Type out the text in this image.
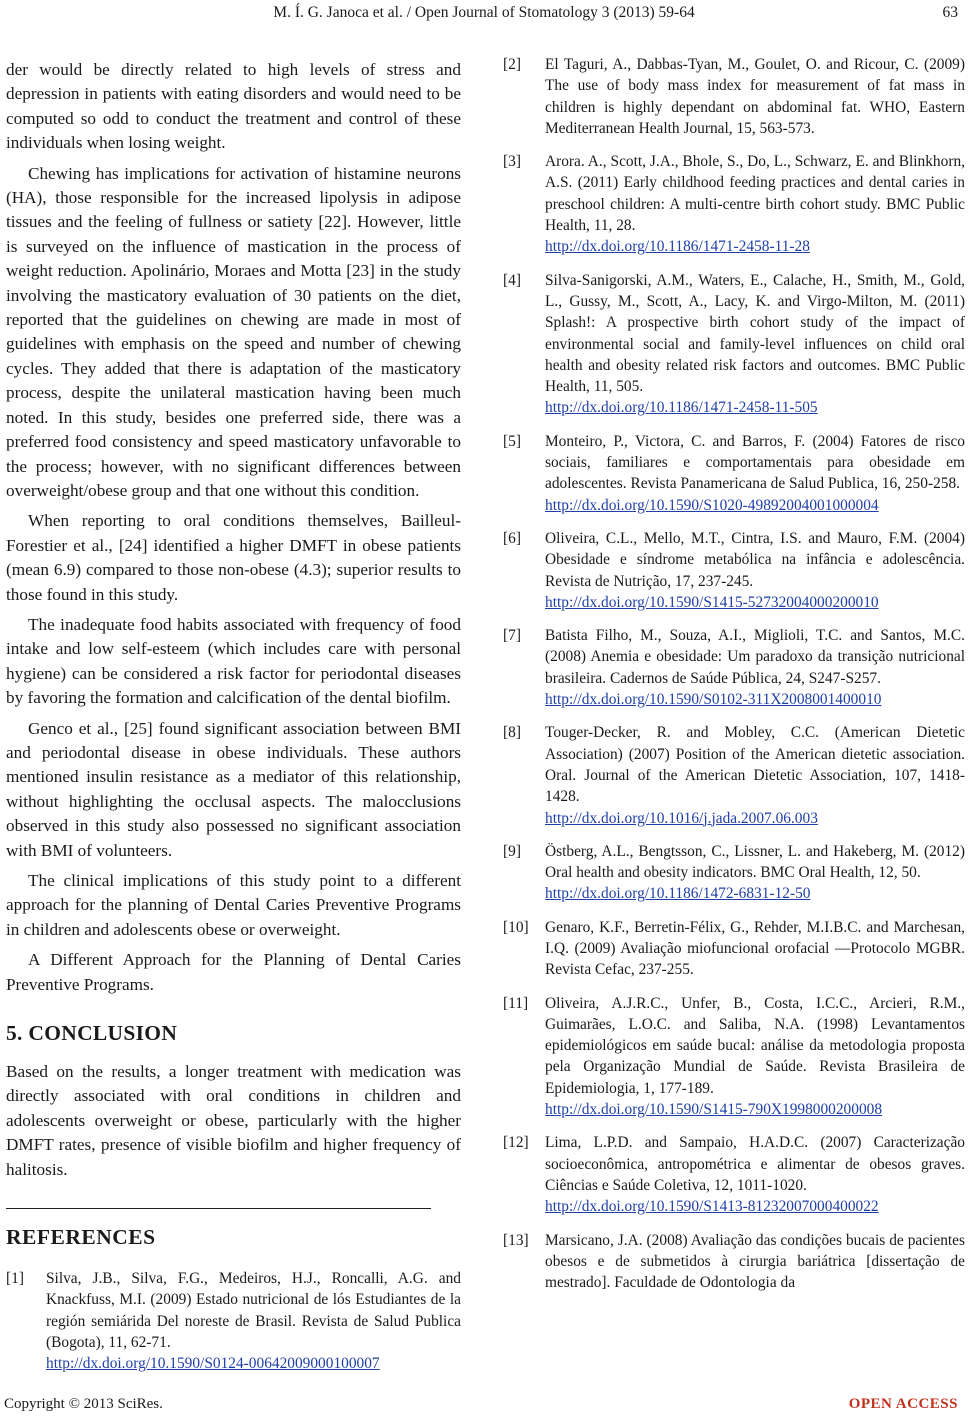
M. Í. G. Janoca et al. / Open Journal of Stomatology 3 (2013) 59-64	63

der would be directly related to high levels of stress and depression in patients with eating disorders and would need to be computed so odd to conduct the treatment and control of these individuals when losing weight.

Chewing has implications for activation of histamine neurons (HA), those responsible for the increased lipolysis in adipose tissues and the feeling of fullness or satiety [22]. However, little is surveyed on the influence of mastication in the process of weight reduction. Apolinário, Moraes and Motta [23] in the study involving the masticatory evaluation of 30 patients on the diet, reported that the guidelines on chewing are made in most of guidelines with emphasis on the speed and number of chewing cycles. They added that there is adaptation of the masticatory process, despite the unilateral mastication having been much noted. In this study, besides one preferred side, there was a preferred food consistency and speed masticatory unfavorable to the process; however, with no significant differences between overweight/obese group and that one without this condition.

When reporting to oral conditions themselves, Bailleul-Forestier et al., [24] identified a higher DMFT in obese patients (mean 6.9) compared to those non-obese (4.3); superior results to those found in this study.

The inadequate food habits associated with frequency of food intake and low self-esteem (which includes care with personal hygiene) can be considered a risk factor for periodontal diseases by favoring the formation and calcification of the dental biofilm.

Genco et al., [25] found significant association between BMI and periodontal disease in obese individuals. These authors mentioned insulin resistance as a mediator of this relationship, without highlighting the occlusal aspects. The malocclusions observed in this study also possessed no significant association with BMI of volunteers.

The clinical implications of this study point to a different approach for the planning of Dental Caries Preventive Programs in children and adolescents obese or overweight.

A Different Approach for the Planning of Dental Caries Preventive Programs.

5. CONCLUSION

Based on the results, a longer treatment with medication was directly associated with oral conditions in children and adolescents overweight or obese, particularly with the higher DMFT rates, presence of visible biofilm and higher frequency of halitosis.

REFERENCES
[1]	Silva, J.B., Silva, F.G., Medeiros, H.J., Roncalli, A.G. and Knackfuss, M.I. (2009) Estado nutricional de lós Estudiantes de la región semiárida Del noreste de Brasil. Revista de Salud Publica (Bogota), 11, 62-71.
http://dx.doi.org/10.1590/S0124-00642009000100007
[2]	El Taguri, A., Dabbas-Tyan, M., Goulet, O. and Ricour, C. (2009) The use of body mass index for measurement of fat mass in children is highly dependant on abdominal fat. WHO, Eastern Mediterranean Health Journal, 15, 563-573.
[3]	Arora. A., Scott, J.A., Bhole, S., Do, L., Schwarz, E. and Blinkhorn, A.S. (2011) Early childhood feeding practices and dental caries in preschool children: A multi-centre birth cohort study. BMC Public Health, 11, 28.
http://dx.doi.org/10.1186/1471-2458-11-28
[4]	Silva-Sanigorski, A.M., Waters, E., Calache, H., Smith, M., Gold, L., Gussy, M., Scott, A., Lacy, K. and Virgo-Milton, M. (2011) Splash!: A prospective birth cohort study of the impact of environmental social and family-level influences on child oral health and obesity related risk factors and outcomes. BMC Public Health, 11, 505.
http://dx.doi.org/10.1186/1471-2458-11-505
[5]	Monteiro, P., Victora, C. and Barros, F. (2004) Fatores de risco sociais, familiares e comportamentais para obesidade em adolescentes. Revista Panamericana de Salud Publica, 16, 250-258.
http://dx.doi.org/10.1590/S1020-49892004001000004
[6]	Oliveira, C.L., Mello, M.T., Cintra, I.S. and Mauro, F.M. (2004) Obesidade e síndrome metabólica na infância e adolescência. Revista de Nutrição, 17, 237-245.
http://dx.doi.org/10.1590/S1415-52732004000200010
[7]	Batista Filho, M., Souza, A.I., Miglioli, T.C. and Santos, M.C. (2008) Anemia e obesidade: Um paradoxo da transição nutricional brasileira. Cadernos de Saúde Pública, 24, S247-S257.
http://dx.doi.org/10.1590/S0102-311X2008001400010
[8]	Touger-Decker, R. and Mobley, C.C. (American Dietetic Association) (2007) Position of the American dietetic association. Oral. Journal of the American Dietetic Association, 107, 1418-1428.
http://dx.doi.org/10.1016/j.jada.2007.06.003
[9]	Östberg, A.L., Bengtsson, C., Lissner, L. and Hakeberg, M. (2012) Oral health and obesity indicators. BMC Oral Health, 12, 50.
http://dx.doi.org/10.1186/1472-6831-12-50
[10]	Genaro, K.F., Berretin-Félix, G., Rehder, M.I.B.C. and Marchesan, I.Q. (2009) Avaliação miofuncional orofacial —Protocolo MGBR. Revista Cefac, 237-255.
[11]	Oliveira, A.J.R.C., Unfer, B., Costa, I.C.C., Arcieri, R.M., Guimarães, L.O.C. and Saliba, N.A. (1998) Levantamentos epidemiológicos em saúde bucal: análise da metodologia proposta pela Organização Mundial de Saúde. Revista Brasileira de Epidemiologia, 1, 177-189.
http://dx.doi.org/10.1590/S1415-790X1998000200008
[12]	Lima, L.P.D. and Sampaio, H.A.D.C. (2007) Caracterização socioeconômica, antropométrica e alimentar de obesos graves. Ciências e Saúde Coletiva, 12, 1011-1020.
http://dx.doi.org/10.1590/S1413-81232007000400022
[13]	Marsicano, J.A. (2008) Avaliação das condições bucais de pacientes obesos e de submetidos à cirurgia bariátrica [dissertação de mestrado]. Faculdade de Odontologia da
Copyright © 2013 SciRes.	OPEN ACCESS
